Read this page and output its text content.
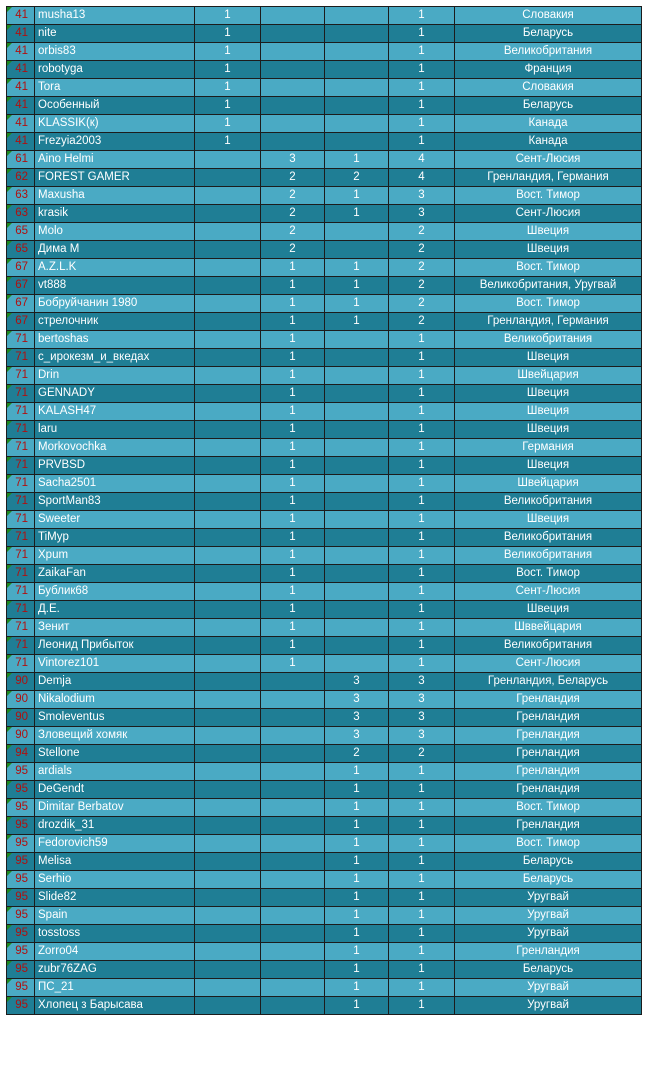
41	musha13	1			1	Словакия
41	nite	1			1	Беларусь
41	orbis83	1			1	Великобритания
41	robotyga	1			1	Франция
41	Tora	1			1	Словакия
41	Особенный	1			1	Беларусь
41	KLASSIK(к)	1			1	Канада
41	Frezyia2003	1			1	Канада
61	Aino Helmi		3	1	4	Сент-Люсия
62	FOREST GAMER		2	2	4	Гренландия, Германия
63	Maxusha		2	1	3	Вост. Тимор
63	krasik		2	1	3	Сент-Люсия
65	Molo		2		2	Швеция
65	Дима М		2		2	Швеция
67	A.Z.L.K		1	1	2	Вост. Тимор
67	vt888		1	1	2	Великобритания, Уругвай
67	Бобруйчанин 1980		1	1	2	Вост. Тимор
67	стрелочник		1	1	2	Гренландия, Германия
71	bertoshas		1		1	Великобритания
71	с_ирокезм_и_вкедах		1		1	Швеция
71	Drin		1		1	Швейцария
71	GENNADY		1		1	Швеция
71	KALASH47		1		1	Швеция
71	laru		1		1	Швеция
71	Morkovochka		1		1	Германия
71	PRVBSD		1		1	Швеция
71	Sacha2501		1		1	Швейцария
71	SportMan83		1		1	Великобритания
71	Sweeter		1		1	Швеция
71	TiMyp		1		1	Великобритания
71	Xpum		1		1	Великобритания
71	ZaikaFan		1		1	Вост. Тимор
71	Бублик68		1		1	Сент-Люсия
71	Д.Е.		1		1	Швеция
71	Зенит		1		1	Шввейцария
71	Леонид Прибыток		1		1	Великобритания
71	Vintorez101		1		1	Сент-Люсия
90	Demja			3	3	Гренландия, Беларусь
90	Nikalodium			3	3	Гренландия
90	Smoleventus			3	3	Гренландия
90	Зловещий хомяк			3	3	Гренландия
94	Stellone			2	2	Гренландия
95	ardials			1	1	Гренландия
95	DeGendt			1	1	Гренландия
95	Dimitar Berbatov			1	1	Вост. Тимор
95	drozdik_31			1	1	Гренландия
95	Fedorovich59			1	1	Вост. Тимор
95	Melisa			1	1	Беларусь
95	Serhio			1	1	Беларусь
95	Slide82			1	1	Уругвай
95	Spain			1	1	Уругвай
95	tosstoss			1	1	Уругвай
95	Zorro04			1	1	Гренландия
95	zubr76ZAG			1	1	Беларусь
95	ПС_21			1	1	Уругвай
95	Хлопец з Барысава			1	1	Уругвай
